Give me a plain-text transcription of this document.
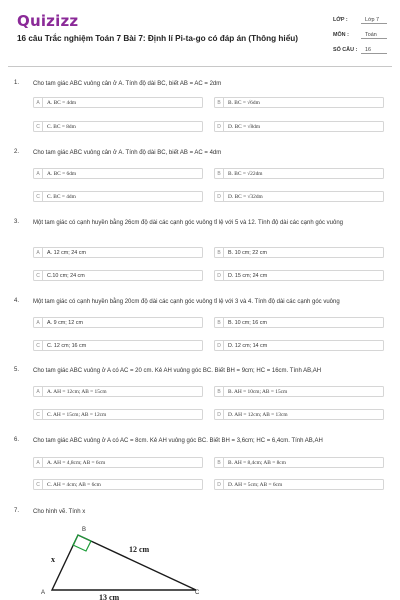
Quizizz
16 câu Trắc nghiệm Toán 7 Bài 7: Định lí Pi-ta-go có đáp án (Thông hiểu)
LỚP :	Lớp 7
MÔN :	Toán
SỐ CÂU : 16
1. Cho tam giác ABC vuông cân ở A. Tính độ dài BC, biết AB = AC = 2dm
A	A. BC = 4dm	B	B. BC = √6dm
C	C. BC = 8dm	D	D. BC = √8dm
2. Cho tam giác ABC vuông cân ở A. Tính độ dài BC, biết AB = AC = 4dm
A	A. BC = 6dm	B	B. BC = √22dm
C	C. BC = 4dm	D	D. BC = √32dm
3. Một tam giác có cạnh huyền bằng 26cm độ dài các cạnh góc vuông tỉ lệ với 5 và 12. Tính độ dài các cạnh góc vuông
A	A. 12 cm; 24 cm	B	B. 10 cm; 22 cm
C	C.10 cm; 24 cm	D	D. 15 cm; 24 cm
4. Một tam giác có cạnh huyền bằng 20cm độ dài các cạnh góc vuông tỉ lệ với 3 và 4. Tính độ dài các cạnh góc vuông
A	A. 9 cm; 12 cm	B	B. 10 cm; 16 cm
C	C. 12 cm; 16 cm	D	D. 12 cm; 14 cm
5. Cho tam giác ABC vuông ở A có AC = 20 cm. Kẻ AH vuông góc BC. Biết BH = 9cm; HC = 16cm. Tính AB,AH
A	A. AH = 12cm; AB = 15cm	B	B. AH = 10cm; AB = 15cm
C	C. AH = 15cm; AB = 12cm	D	D. AH = 12cm; AB = 13cm
6. Cho tam giác ABC vuông ở A có AC = 8cm. Kẻ AH vuông góc BC. Biết BH = 3,6cm; HC = 6,4cm. Tính AB,AH
A	A. AH = 4,8cm; AB = 6cm	B	B. AH = 8,4cm; AB = 8cm
C	C. AH = 4cm; AB = 6cm	D	D. AH = 5cm; AB = 6cm
7. Cho hình vẽ. Tính x
A
B
C
x
12 cm
13 cm
